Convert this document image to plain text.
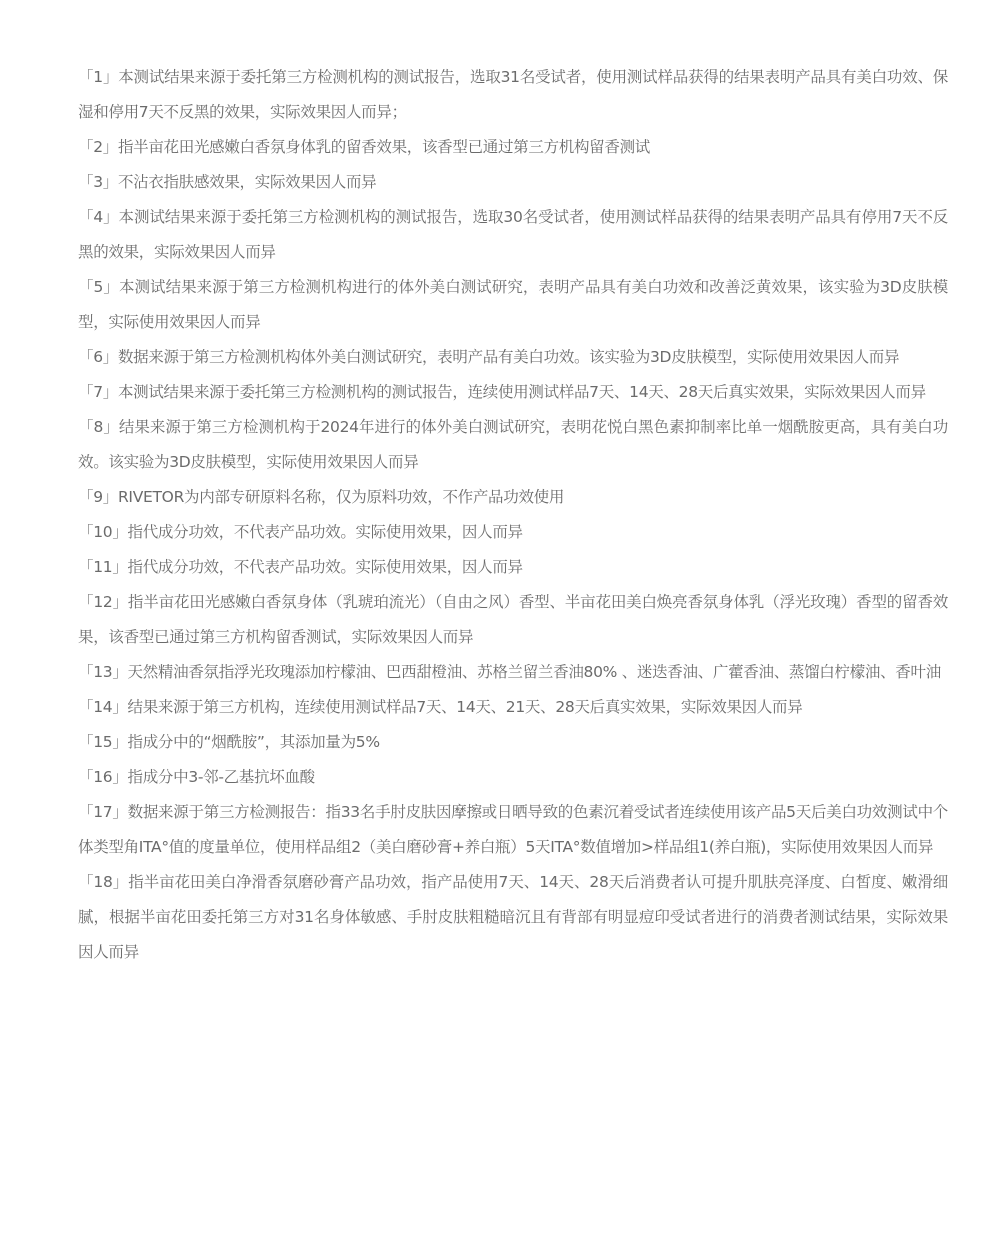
「1」本测试结果来源于委托第三方检测机构的测试报告，选取31名受试者，使用测试样品获得的结果表明产品具有美白功效、保湿和停用7天不反黑的效果，实际效果因人而异；
「2」指半亩花田光感嫩白香氛身体乳的留香效果，该香型已通过第三方机构留香测试
「3」不沾衣指肤感效果，实际效果因人而异
「4」本测试结果来源于委托第三方检测机构的测试报告，选取30名受试者，使用测试样品获得的结果表明产品具有停用7天不反黑的效果，实际效果因人而异
「5」本测试结果来源于第三方检测机构进行的体外美白测试研究，表明产品具有美白功效和改善泛黄效果，该实验为3D皮肤模型，实际使用效果因人而异
「6」数据来源于第三方检测机构体外美白测试研究，表明产品有美白功效。该实验为3D皮肤模型，实际使用效果因人而异
「7」本测试结果来源于委托第三方检测机构的测试报告，连续使用测试样品7天、14天、28天后真实效果，实际效果因人而异
「8」结果来源于第三方检测机构于2024年进行的体外美白测试研究，表明花悦白黑色素抑制率比单一烟酰胺更高，具有美白功效。该实验为3D皮肤模型，实际使用效果因人而异
「9」RIVETOR为内部专研原料名称，仅为原料功效，不作产品功效使用
「10」指代成分功效，不代表产品功效。实际使用效果，因人而异
「11」指代成分功效，不代表产品功效。实际使用效果，因人而异
「12」指半亩花田光感嫩白香氛身体（乳琥珀流光）（自由之风）香型、半亩花田美白焕亮香氛身体乳（浮光玫瑰）香型的留香效果，该香型已通过第三方机构留香测试，实际效果因人而异
「13」天然精油香氛指浮光玫瑰添加柠檬油、巴西甜橙油、苏格兰留兰香油80% 、迷迭香油、广藿香油、蒸馏白柠檬油、香叶油
「14」结果来源于第三方机构，连续使用测试样品7天、14天、21天、28天后真实效果，实际效果因人而异
「15」指成分中的“烟酰胺”，其添加量为5%
「16」指成分中3-邻-乙基抗坏血酸
「17」数据来源于第三方检测报告：指33名手肘皮肤因摩擦或日晒导致的色素沉着受试者连续使用该产品5天后美白功效测试中个体类型角ITA°值的度量单位，使用样品组2（美白磨砂膏+养白瓶）5天ITA°数值增加>样品组1(养白瓶)，实际使用效果因人而异
「18」指半亩花田美白净滑香氛磨砂膏产品功效，指产品使用7天、14天、28天后消费者认可提升肌肤亮泽度、白皙度、嫩滑细腻，根据半亩花田委托第三方对31名身体敏感、手肘皮肤粗糙暗沉且有背部有明显痘印受试者进行的消费者测试结果，实际效果因人而异
